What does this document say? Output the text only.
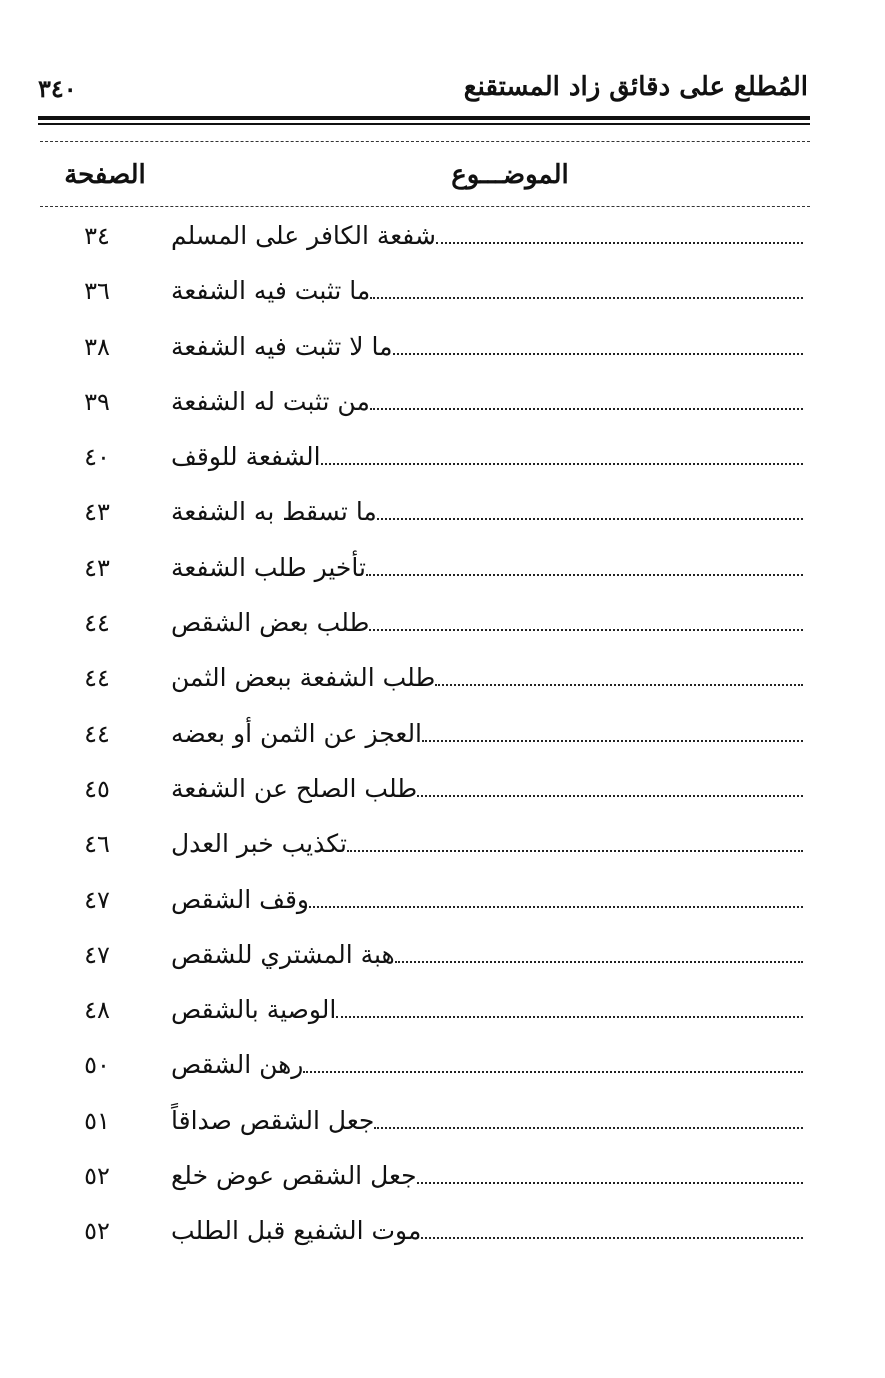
المُطلع على دقائق زاد المستقنع
٣٤٠
الموضـــوع
الصفحة
شفعة الكافر على المسلم
٣٤
ما تثبت فيه الشفعة
٣٦
ما لا تثبت فيه الشفعة
٣٨
من تثبت له الشفعة
٣٩
الشفعة للوقف
٤٠
ما تسقط به الشفعة
٤٣
تأخير طلب الشفعة
٤٣
طلب بعض الشقص
٤٤
طلب الشفعة ببعض الثمن
٤٤
العجز عن الثمن أو بعضه
٤٤
طلب الصلح عن الشفعة
٤٥
تكذيب خبر العدل
٤٦
وقف الشقص
٤٧
هبة المشتري للشقص
٤٧
الوصية بالشقص
٤٨
رهن الشقص
٥٠
جعل الشقص صداقاً
٥١
جعل الشقص عوض خلع
٥٢
موت الشفيع قبل الطلب
٥٢
